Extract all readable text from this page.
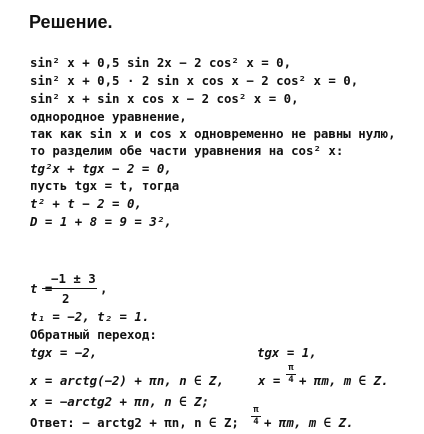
Решение.
sin² x + 0,5 sin 2x − 2 cos² x = 0,
sin² x + 0,5 · 2 sin x cos x − 2 cos² x = 0,
sin² x + sin x cos x − 2 cos² x = 0,
однородное уравнение,
так как sin x и cos x одновременно не равны нулю,
то разделим обе части уравнения на cos² x:
tg²x + tgx − 2 = 0,
пусть tgx = t, тогда
t² + t − 2 = 0,
D = 1 + 8 = 9 = 3²,
t =
−1 ± 3
2
,
t₁ = −2, t₂ = 1.
Обратный переход:
tgx = −2,	tgx = 1,
x = arctg(−2) + πn, n ∈ Z,	x =
π
4 + πm, m ∈ Z.
x = −arctg2 + πn, n ∈ Z;
Ответ: − arctg2 + πn, n ∈ Z;
π
4 + πm, m ∈ Z.
